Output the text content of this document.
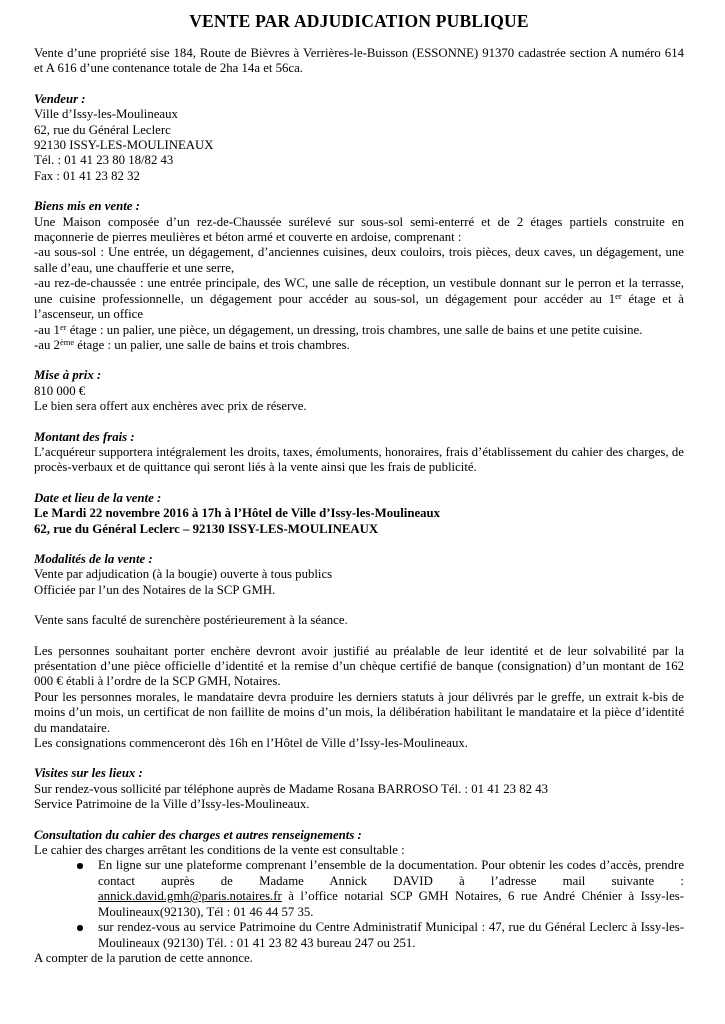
VENTE PAR ADJUDICATION PUBLIQUE

Vente d’une propriété sise 184, Route de Bièvres à Verrières-le-Buisson (ESSONNE) 91370 cadastrée section A numéro 614 et A 616 d’une contenance totale de 2ha 14a et 56ca.

Vendeur :

Ville d’Issy-les-Moulineaux

62, rue du Général Leclerc

92130 ISSY-LES-MOULINEAUX

Tél. : 01 41 23 80 18/82 43

Fax : 01 41 23 82 32

Biens mis en vente :

Une Maison composée d’un rez-de-Chaussée surélevé sur sous-sol semi-enterré et de 2 étages partiels construite en maçonnerie de pierres meulières et béton armé et couverte en ardoise, comprenant :

-au sous-sol : Une entrée, un dégagement, d’anciennes cuisines, deux couloirs, trois pièces, deux caves, un dégagement, une salle d’eau, une chaufferie et une serre,

-au rez-de-chaussée : une entrée principale, des WC, une salle de réception, un vestibule donnant sur le perron et la terrasse, une cuisine professionnelle, un dégagement pour accéder au sous-sol, un dégagement pour accéder au 1er étage et à l’ascenseur, un office

-au 1er étage : un palier, une pièce, un dégagement, un dressing, trois chambres, une salle de bains et une petite cuisine.

-au 2ème étage : un palier, une salle de bains et trois chambres.

Mise à prix :

810 000 €

Le bien sera offert aux enchères avec prix de réserve.

Montant des frais :

L’acquéreur supportera intégralement les droits, taxes, émoluments, honoraires, frais d’établissement du cahier des charges, de procès-verbaux et de quittance qui seront liés à la vente ainsi que les frais de publicité.

Date et lieu de la vente :

Le Mardi 22 novembre 2016 à 17h à l’Hôtel de Ville d’Issy-les-Moulineaux

62, rue du Général Leclerc – 92130 ISSY-LES-MOULINEAUX

Modalités de la vente :

Vente par adjudication (à la bougie) ouverte à tous publics

Officiée par l’un des Notaires de la SCP GMH.

Vente sans faculté de surenchère postérieurement à la séance.

Les personnes souhaitant porter enchère devront avoir justifié au préalable de leur identité et de leur solvabilité par la présentation d’une pièce officielle d’identité et la remise d’un chèque certifié de banque (consignation) d’un montant de 162 000 € établi à l’ordre de la SCP GMH, Notaires.

Pour les personnes morales, le mandataire devra produire les derniers statuts à jour délivrés par le greffe, un extrait k-bis de moins d’un mois, un certificat de non faillite de moins d’un mois, la délibération habilitant le mandataire et la pièce d’identité du mandataire.

Les consignations commenceront dès 16h en l’Hôtel de Ville d’Issy-les-Moulineaux.

Visites sur les lieux :

Sur rendez-vous sollicité par téléphone auprès de Madame Rosana BARROSO Tél. : 01 41 23 82 43

Service Patrimoine de la Ville d’Issy-les-Moulineaux.

Consultation du cahier des charges et autres renseignements :

Le cahier des charges arrêtant les conditions de la vente est consultable :

En ligne sur une plateforme comprenant l’ensemble de la documentation. Pour obtenir les codes d’accès, prendre contact auprès de Madame Annick DAVID à l’adresse mail suivante :
annick.david.gmh@paris.notaires.fr à l’office notarial SCP GMH Notaires, 6 rue André Chénier à Issy-les-Moulineaux(92130), Tél : 01 46 44 57 35.
sur rendez-vous au service Patrimoine du Centre Administratif Municipal : 47, rue du Général Leclerc à Issy-les-Moulineaux (92130) Tél. : 01 41 23 82 43 bureau 247 ou 251.

A compter de la parution de cette annonce.
